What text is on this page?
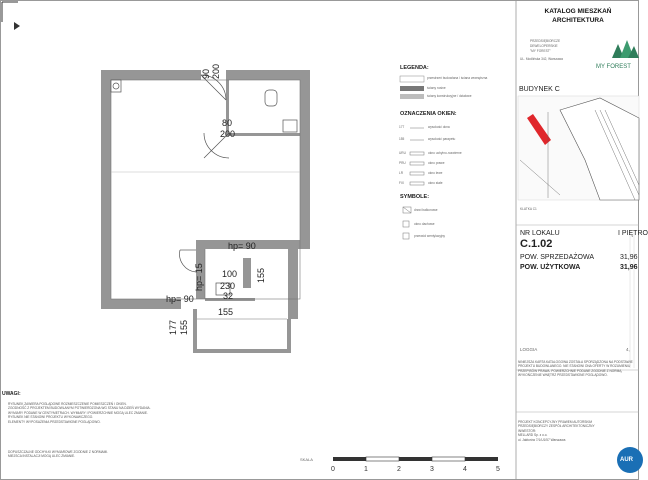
90 200
80
200
hp= 90
hp= 15 100 155
230
32
hp= 90
155
177 155
0	1	2	3	4	5
KATALOG MIESZKAŃ
ARCHITEKTURA
PRZEDSIĘBIORCZE
DEWELOPERSKIE
"MY FOREST"
UL. Modlińska 342, Warszawa
MY FOREST
BUDYNEK C
KLATKA C1
NR LOKALU	I PIĘTRO
C.1.02
POW. SPRZEDAŻOWA	31,96
POW. UŻYTKOWA	31,96
LOGGIA	4,
NINIEJSZA KARTA KATALOGOWA ZOSTAŁA SPORZĄDZONA NA PODSTAWIE
PROJEKTU BUDOWLANEGO. NIE STANOWI ONA OFERTY W ROZUMIENIU
PRZEPISÓW PRAWA. POWIERZCHNIE PODANE ZGODNIE Z NORMĄ.
WYKOŃCZENIE WNĘTRZ PRZEDSTAWIONE POGLĄDOWO.
PROJEKT KONCEPCYJNY PRAWEM AUTORSKIM
PRZEDSIĘBIORCZY ZESPÓŁ ARCHITEKTONICZNY
INWESTOR:
MELLARD Sp. z o.o.
ul. Jaktorów 7/1/U1/57 Warszawa
AUR
LEGENDA:
przestrzeń budowlana / ściana zewnętrzna
ściany nośne
ściany konstrukcyjne / działowe
OZNACZENIA OKIEN:
177	wysokość okna
155	wysokość parapetu
URU	okno uchylno-rozwierne
PRU	okno prawe
LR	okno lewe
FIX	okno stałe
SYMBOLE:
drzwi balkonowe
okno dachowe
przewód wentylacyjny
SKALA
UWAGI:
RYSUNEK ZAWIERA POGLĄDOWE ROZMIESZCZENIE POMIESZCZEŃ I OKIEN.
ZGODNOŚĆ Z PROJEKTEM BUDOWLANYM POTWIERDZONA WG STANU NA DZIEŃ WYDANIA.
WYMIARY PODANE W CENTYMETRACH. WYMIARY I POWIERZCHNIE MOGĄ ULEC ZMIANIE.
RYSUNEK NIE STANOWI PROJEKTU WYKONAWCZEGO.
ELEMENTY WYPOSAŻENIA PRZEDSTAWIONE POGLĄDOWO.
DOPUSZCZALNE ODCHYŁKI WYMIAROWE ZGODNIE Z NORMAMI.
MIEJSCA INSTALACJI MOGĄ ULEC ZMIANIE.
